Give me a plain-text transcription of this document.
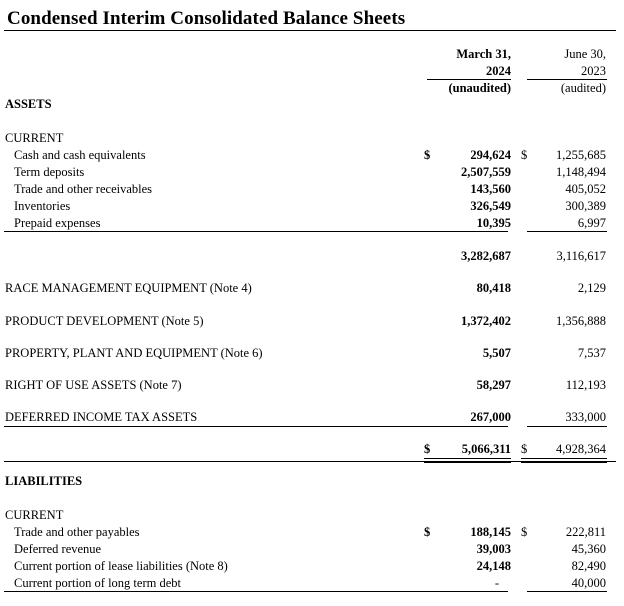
Condensed Interim Consolidated Balance Sheets
March 31,
2024
(unaudited)
June 30,
2023
(audited)
ASSETS
CURRENT
Cash and cash equivalents	$	294,624 $ 1,255,685
Term deposits	2,507,559	1,148,494
Trade and other receivables	143,560	405,052
Inventories	326,549	300,389
Prepaid expenses	10,395	6,997
3,282,687	3,116,617
RACE MANAGEMENT EQUIPMENT (Note 4)	80,418	2,129
PRODUCT DEVELOPMENT (Note 5)	1,372,402	1,356,888
PROPERTY, PLANT AND EQUIPMENT (Note 6)	5,507	7,537
RIGHT OF USE ASSETS (Note 7)	58,297	112,193
DEFERRED INCOME TAX ASSETS	267,000	333,000
$	5,066,311 $ 4,928,364
LIABILITIES
CURRENT
Trade and other payables	$	188,145 $	222,811
Deferred revenue	39,003	45,360
Current portion of lease liabilities (Note 8)	24,148	82,490
Current portion of long term debt	-	40,000
